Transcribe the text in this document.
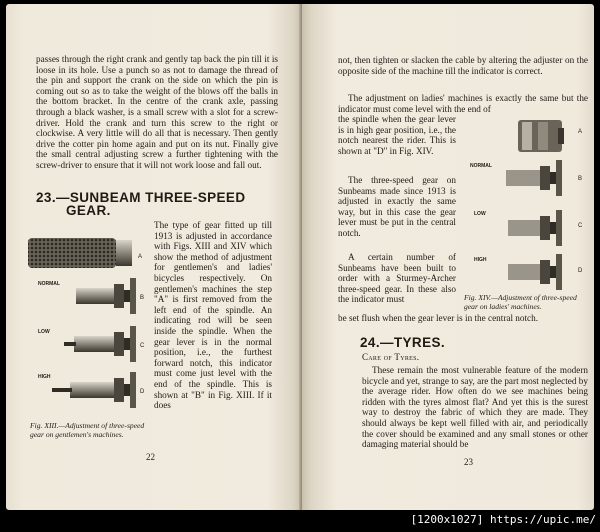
passes through the right crank and gently tap back the pin till it is loose in its hole. Use a punch so as not to damage the thread of the pin and support the crank on the side on which the pin is coming out so as to take the weight of the blows off the balls in the bottom bracket. In the centre of the crank axle, passing through a black washer, is a small screw with a slot for a screw-driver. Hold the crank and turn this screw to the right or clockwise. A very little will do all that is necessary. Then gently drive the cotter pin home again and put on its nut. Finally give the small central adjusting screw a further tightening with the screw-driver to ensure that it will not work loose and fall out.

23.—SUNBEAM THREE-SPEED
GEAR.

The type of gear fitted up till 1913 is adjusted in accordance with Figs. XIII and XIV which show the method of adjustment for gentlemen's and ladies' bicycles respectively. On gentlemen's machines the step "A" is first removed from the left end of the spindle. An indicating rod will be seen inside the spindle. When the gear lever is in the normal position, i.e., the furthest forward notch, this indicator must come just level with the end of the spindle. This is shown at "B" in Fig. XIII. If it does

A
B
C
D
NORMAL
LOW
HIGH

Fig. XIII.—Adjustment of three-speed gear on gentlemen's machines.

22

not, then tighten or slacken the cable by altering the adjuster on the opposite side of the machine till the indicator is correct.

The adjustment on ladies' machines is exactly the same but the indicator must come level with the end of

the spindle when the gear lever is in high gear position, i.e., the notch nearest the rider. This is shown at "D" in Fig. XIV.

The three-speed gear on Sunbeams made since 1913 is adjusted in exactly the same way, but in this case the gear lever must be put in the central notch.

A certain number of Sunbeams have been built to order with a Sturmey-Archer three-speed gear. In these also the indicator must

be set flush when the gear lever is in the central notch.

A
B
C
D
NORMAL
LOW
HIGH

Fig. XIV.—Adjustment of three-speed gear on ladies' machines.

24.—TYRES.
Care of Tyres.

These remain the most vulnerable feature of the modern bicycle and yet, strange to say, are the part most neglected by the average rider. How often do we see machines being ridden with the tyres almost flat? And yet this is the surest way to destroy the fabric of which they are made. They should always be kept well filled with air, and periodically the cover should be examined and any small stones or other damaging material should be

23
[1200x1027] https://upic.me/
